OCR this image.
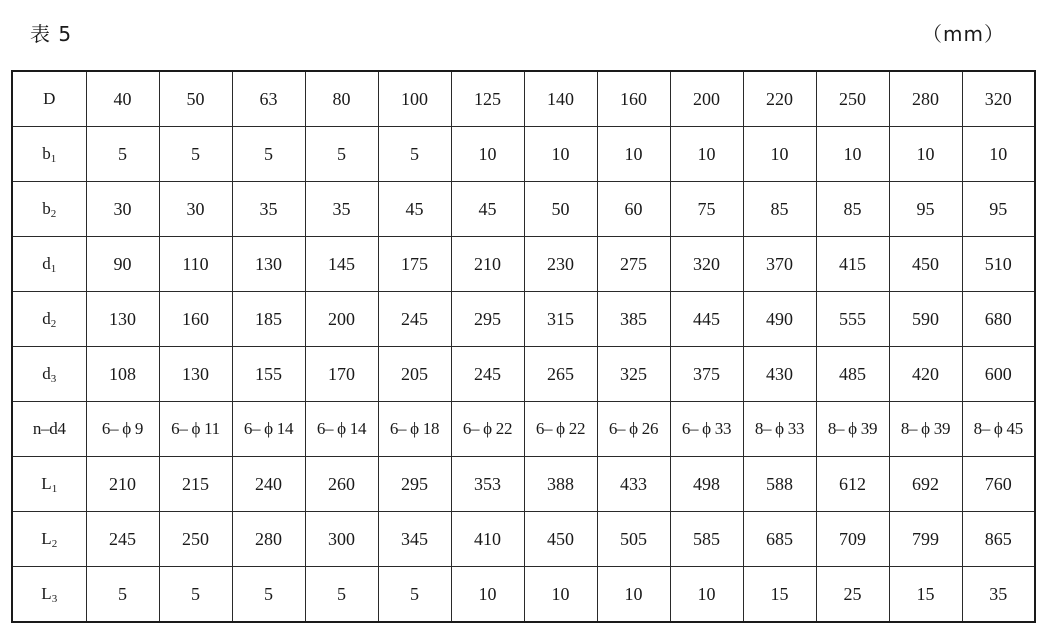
表 5	（mm）
D	40	50	63	80	100	125	140	160	200	220	250	280	320
$b_1$	5	5	5	5	5	10	10	10	10	10	10	10	10
$b_2$	30	30	35	35	45	45	50	60	75	85	85	95	95
$d_1$	90	110	130	145	175	210	230	275	320	370	415	450	510
$d_2$	130	160	185	200	245	295	315	385	445	490	555	590	680
$d_3$	108	130	155	170	205	245	265	325	375	430	485	420	600
n–d4	6– ϕ 9	6– ϕ 11	6– ϕ 14	6– ϕ 14	6– ϕ 18	6– ϕ 22	6– ϕ 22	6– ϕ 26	6– ϕ 33	8– ϕ 33	8– ϕ 39	8– ϕ 39	8– ϕ 45
$L_1$	210	215	240	260	295	353	388	433	498	588	612	692	760
$L_2$	245	250	280	300	345	410	450	505	585	685	709	799	865
$L_3$	5	5	5	5	5	10	10	10	10	15	25	15	35
